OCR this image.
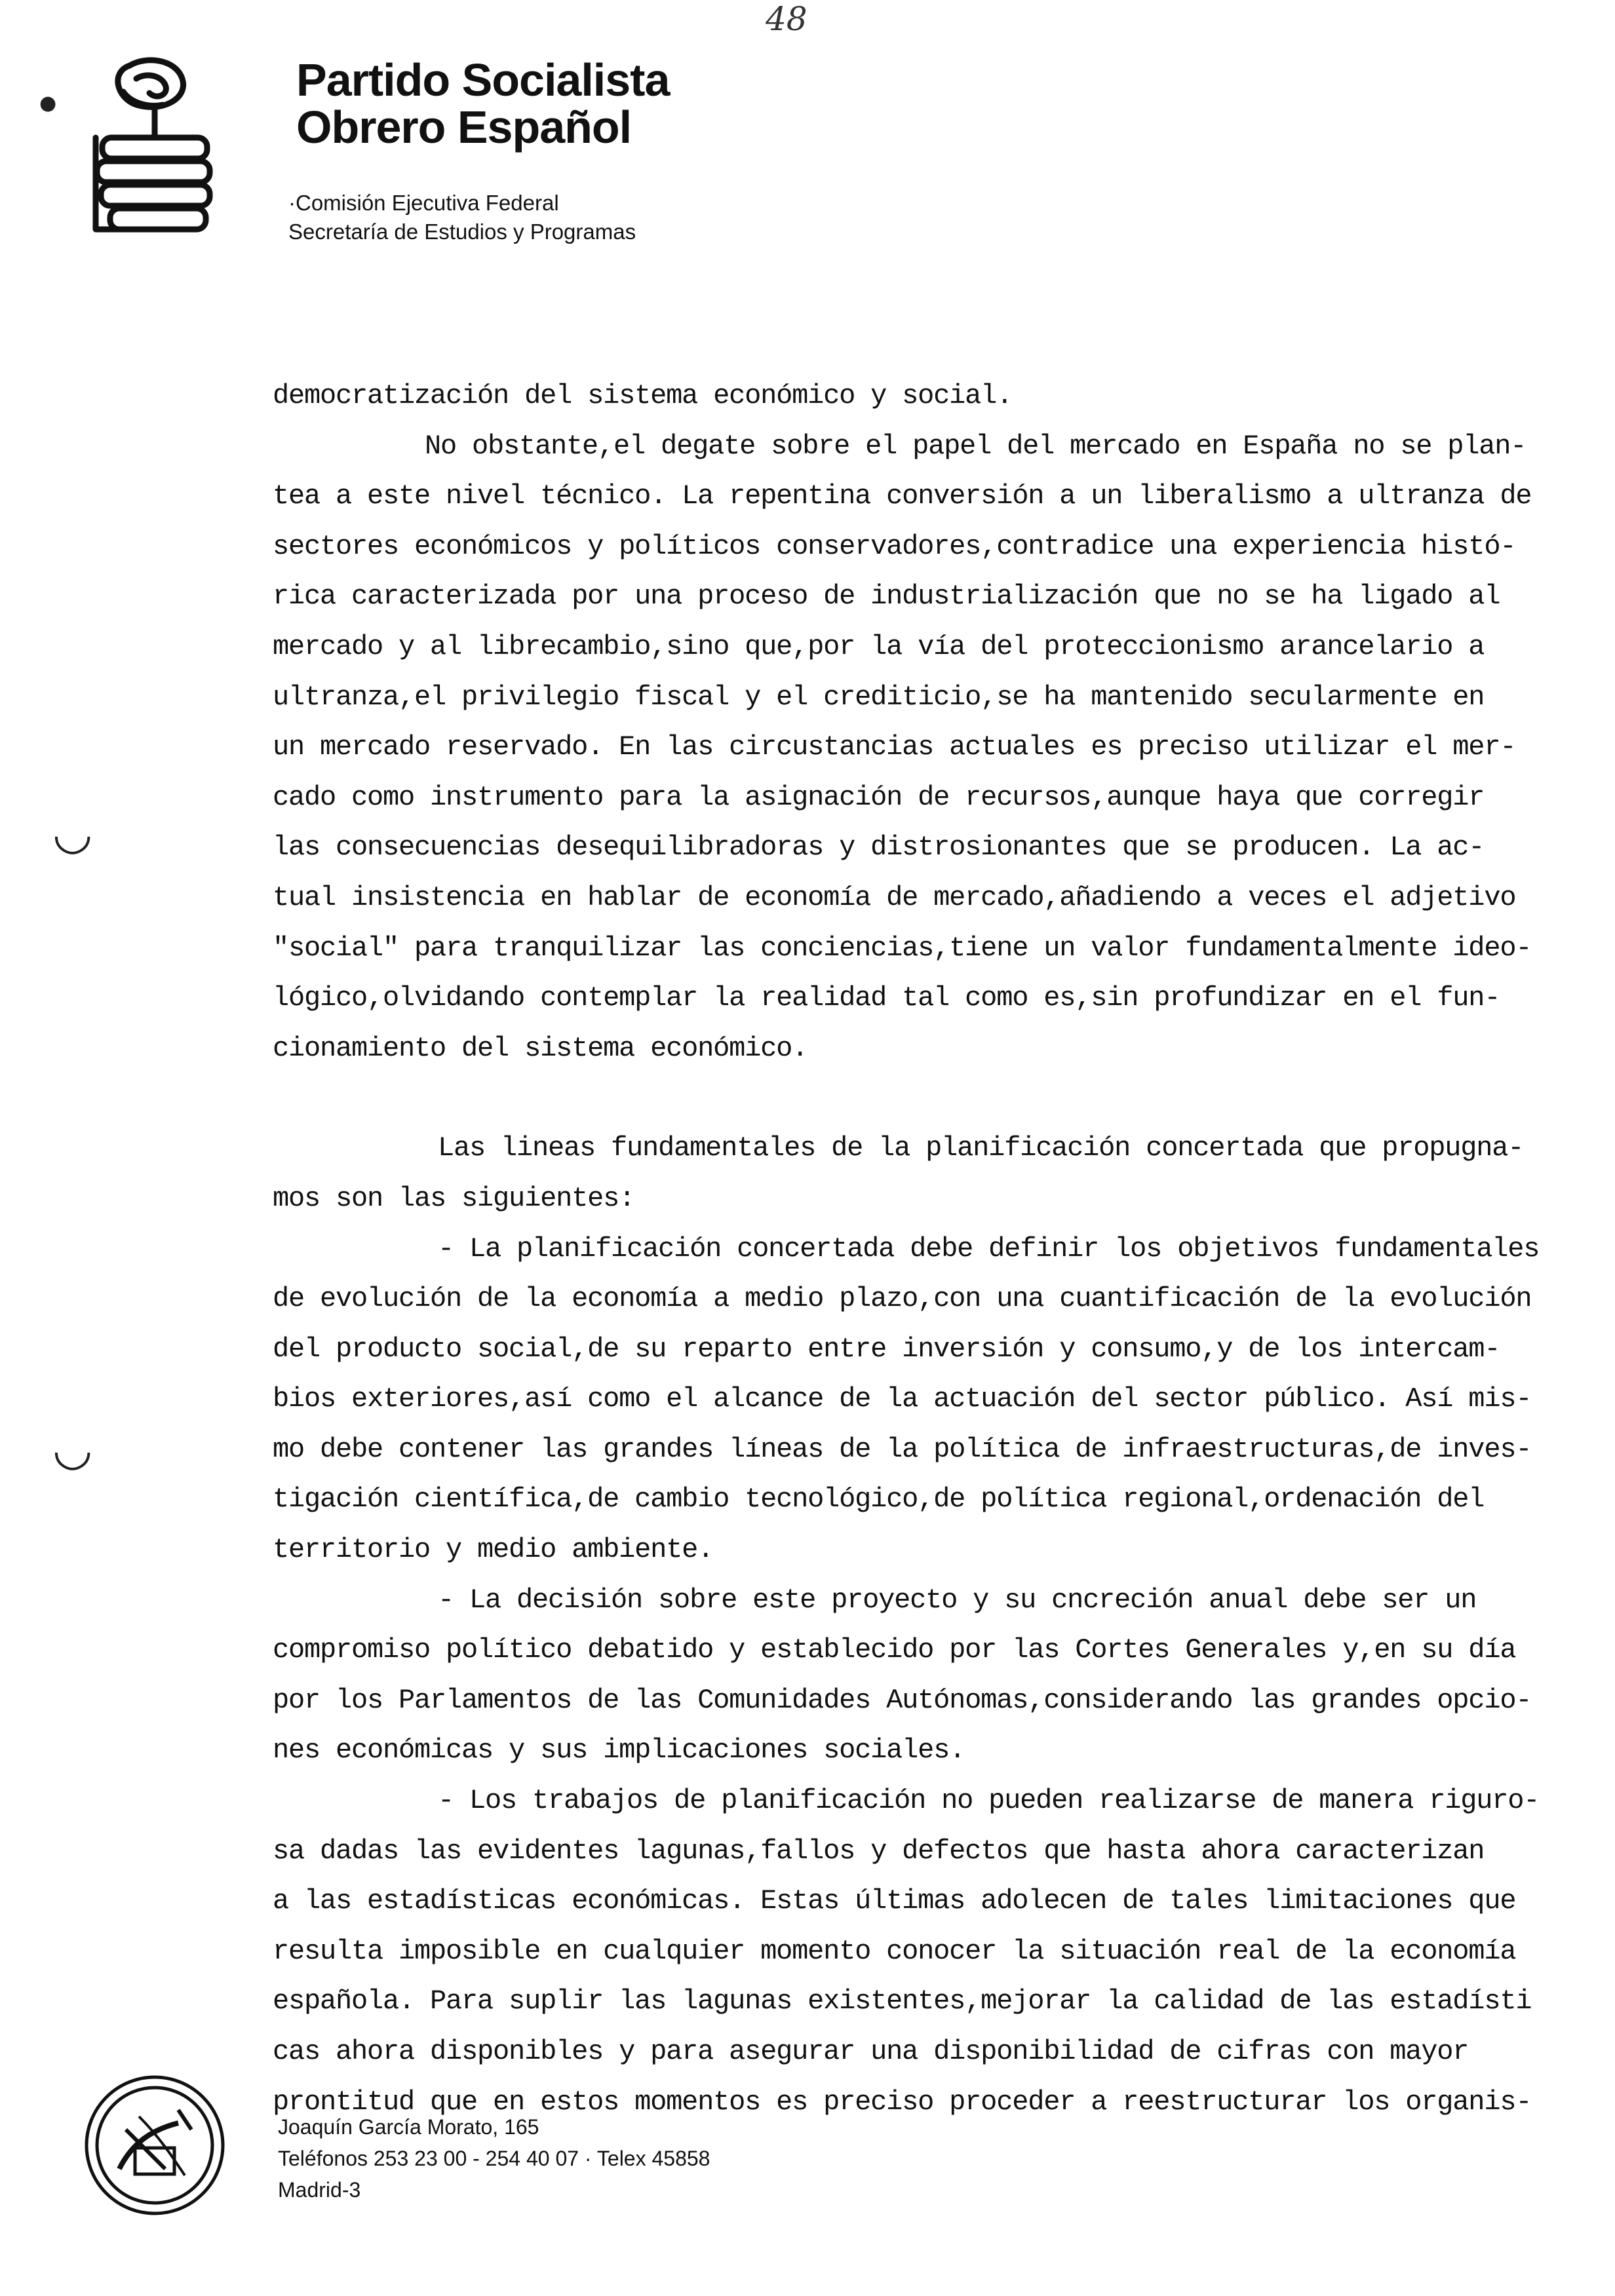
48
Partido Socialista
Obrero Español
·Comisión Ejecutiva Federal
Secretaría de Estudios y Programas
democratización del sistema económico y social.
No obstante,el degate sobre el papel del mercado en España no se plan-
tea a este nivel técnico. La repentina conversión a un liberalismo a ultranza de
sectores económicos y políticos conservadores,contradice una experiencia histó-
rica caracterizada por una proceso de industrialización que no se ha ligado al
mercado y al librecambio,sino que,por la vía del proteccionismo arancelario a
ultranza,el privilegio fiscal y el crediticio,se ha mantenido secularmente en
un mercado reservado. En las circustancias actuales es preciso utilizar el mer-
cado como instrumento para la asignación de recursos,aunque haya que corregir
las consecuencias desequilibradoras y distrosionantes que se producen. La ac-
tual insistencia en hablar de economía de mercado,añadiendo a veces el adjetivo
"social" para tranquilizar las conciencias,tiene un valor fundamentalmente ideo-
lógico,olvidando contemplar la realidad tal como es,sin profundizar en el fun-
cionamiento del sistema económico.
Las lineas fundamentales de la planificación concertada que propugna-
mos son las siguientes:
- La planificación concertada debe definir los objetivos fundamentales
de evolución de la economía a medio plazo,con una cuantificación de la evolución
del producto social,de su reparto entre inversión y consumo,y de los intercam-
bios exteriores,así como el alcance de la actuación del sector público. Así mis-
mo debe contener las grandes líneas de la política de infraestructuras,de inves-
tigación científica,de cambio tecnológico,de política regional,ordenación del
territorio y medio ambiente.
- La decisión sobre este proyecto y su cncreción anual debe ser un
compromiso político debatido y establecido por las Cortes Generales y,en su día
por los Parlamentos de las Comunidades Autónomas,considerando las grandes opcio-
nes económicas y sus implicaciones sociales.
- Los trabajos de planificación no pueden realizarse de manera riguro-
sa dadas las evidentes lagunas,fallos y defectos que hasta ahora caracterizan
a las estadísticas económicas. Estas últimas adolecen de tales limitaciones que
resulta imposible en cualquier momento conocer la situación real de la economía
española. Para suplir las lagunas existentes,mejorar la calidad de las estadísti
cas ahora disponibles y para asegurar una disponibilidad de cifras con mayor
prontitud que en estos momentos es preciso proceder a reestructurar los organis-
Joaquín García Morato, 165
Teléfonos 253 23 00 - 254 40 07 · Telex 45858
Madrid-3
◡
◡
●
